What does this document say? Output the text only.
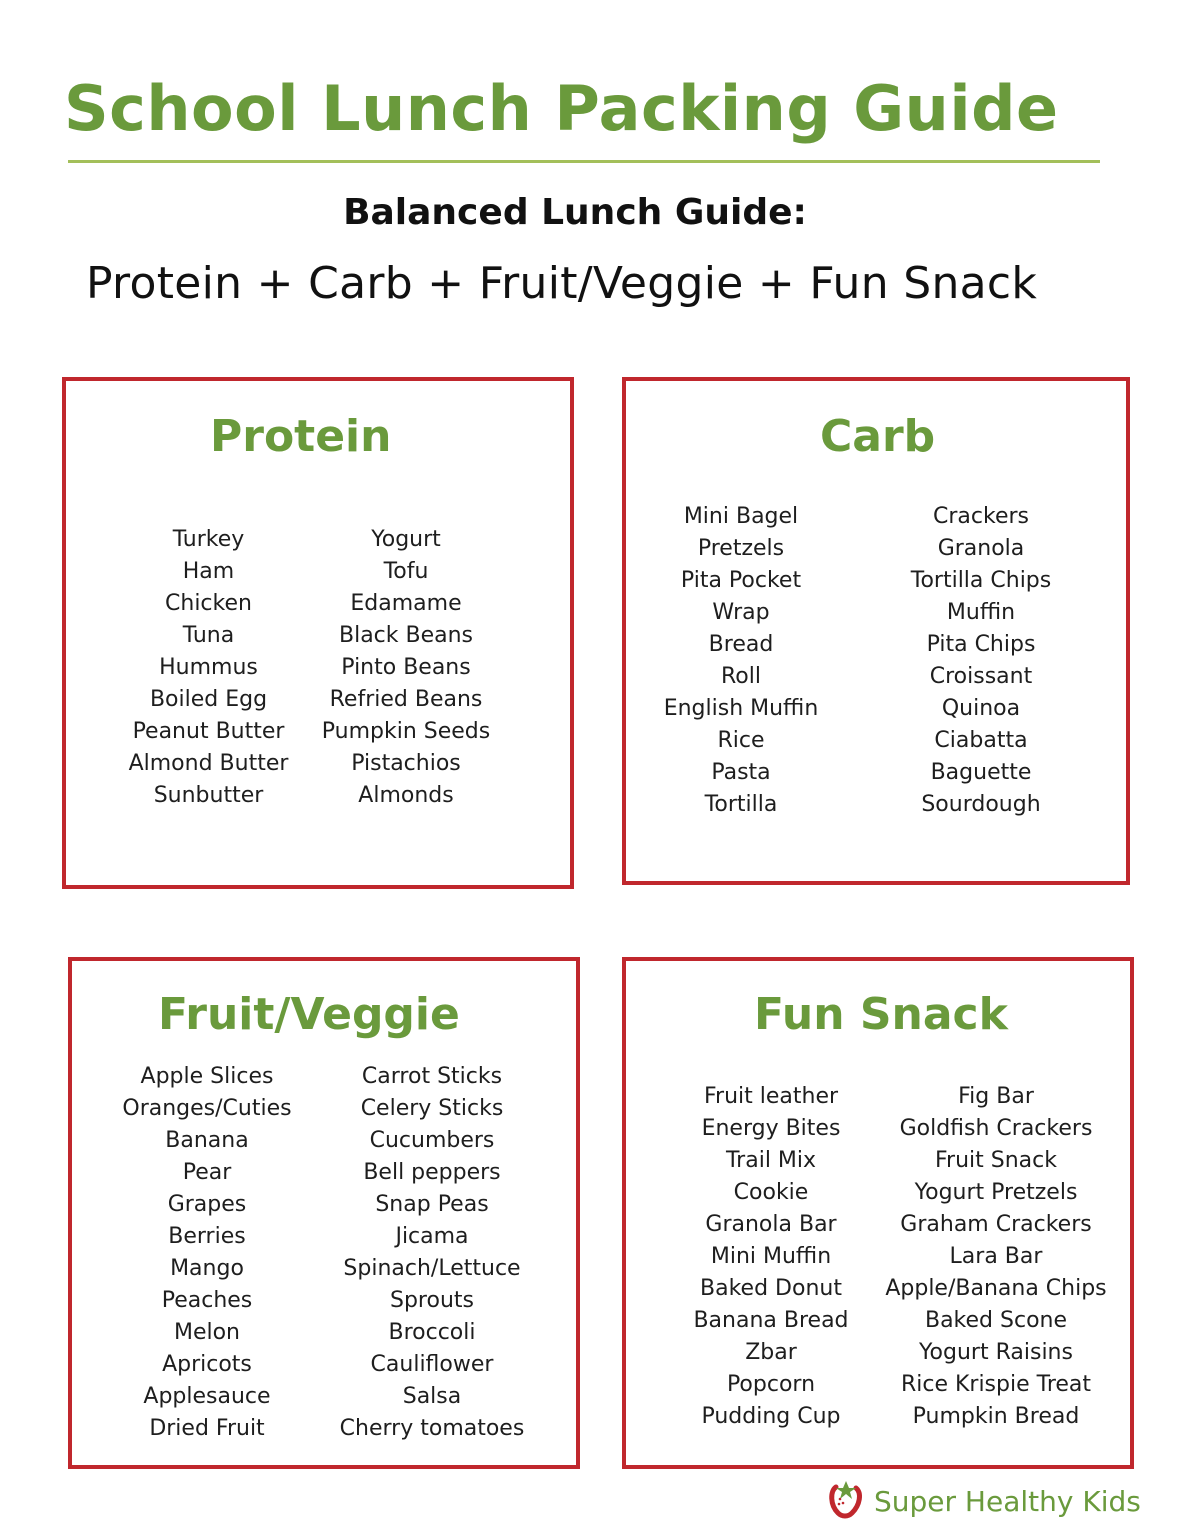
School Lunch Packing Guide
Balanced Lunch Guide:
Protein + Carb + Fruit/Veggie + Fun Snack
Protein
Turkey
Ham
Chicken
Tuna
Hummus
Boiled Egg
Peanut Butter
Almond Butter
Sunbutter
Yogurt
Tofu
Edamame
Black Beans
Pinto Beans
Refried Beans
Pumpkin Seeds
Pistachios
Almonds
Carb
Mini Bagel
Pretzels
Pita Pocket
Wrap
Bread
Roll
English Muffin
Rice
Pasta
Tortilla
Crackers
Granola
Tortilla Chips
Muffin
Pita Chips
Croissant
Quinoa
Ciabatta
Baguette
Sourdough
Fruit/Veggie
Apple Slices
Oranges/Cuties
Banana
Pear
Grapes
Berries
Mango
Peaches
Melon
Apricots
Applesauce
Dried Fruit
Carrot Sticks
Celery Sticks
Cucumbers
Bell peppers
Snap Peas
Jicama
Spinach/Lettuce
Sprouts
Broccoli
Cauliflower
Salsa
Cherry tomatoes
Fun Snack
Fruit leather
Energy Bites
Trail Mix
Cookie
Granola Bar
Mini Muffin
Baked Donut
Banana Bread
Zbar
Popcorn
Pudding Cup
Fig Bar
Goldfish Crackers
Fruit Snack
Yogurt Pretzels
Graham Crackers
Lara Bar
Apple/Banana Chips
Baked Scone
Yogurt Raisins
Rice Krispie Treat
Pumpkin Bread
Super Healthy Kids
